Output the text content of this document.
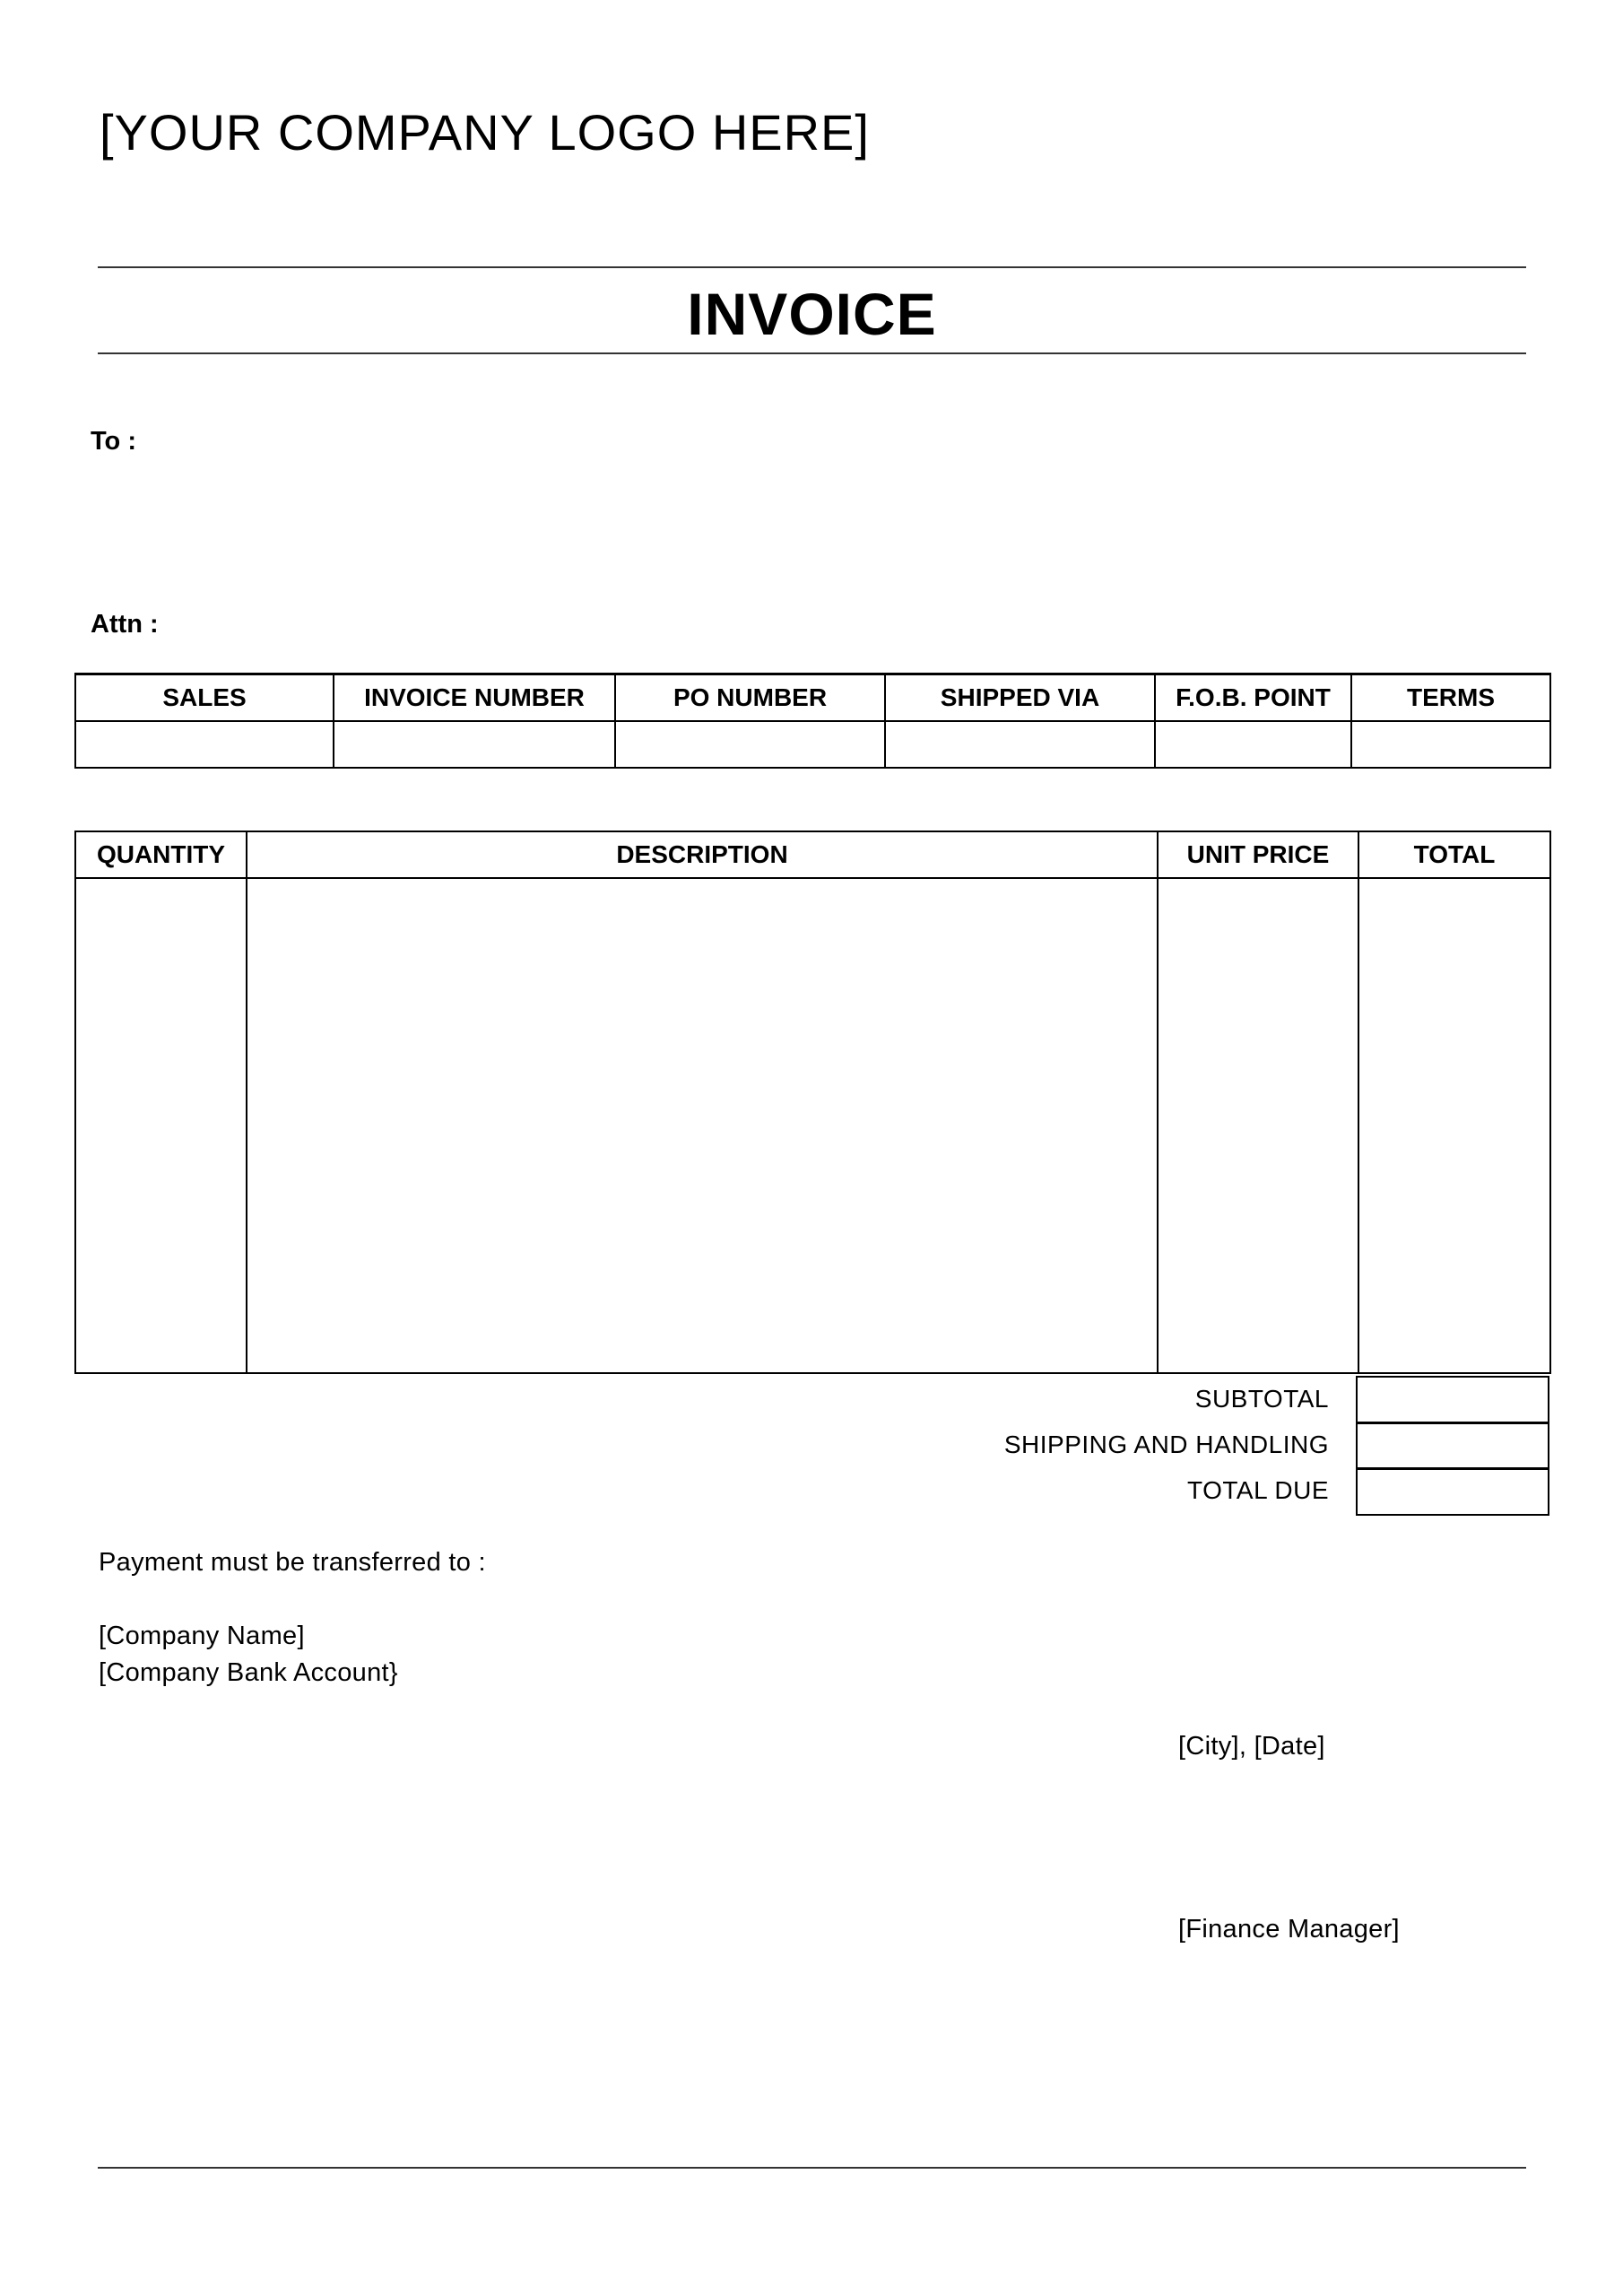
[YOUR COMPANY LOGO HERE]
INVOICE
To :
Attn :
SALES	INVOICE NUMBER	PO NUMBER	SHIPPED VIA	F.O.B. POINT	TERMS

QUANTITY	DESCRIPTION	UNIT PRICE	TOTAL

SUBTOTAL
SHIPPING AND HANDLING
TOTAL DUE
Payment must be transferred to :
[Company Name]
[Company Bank Account}
[City], [Date]
[Finance Manager]
